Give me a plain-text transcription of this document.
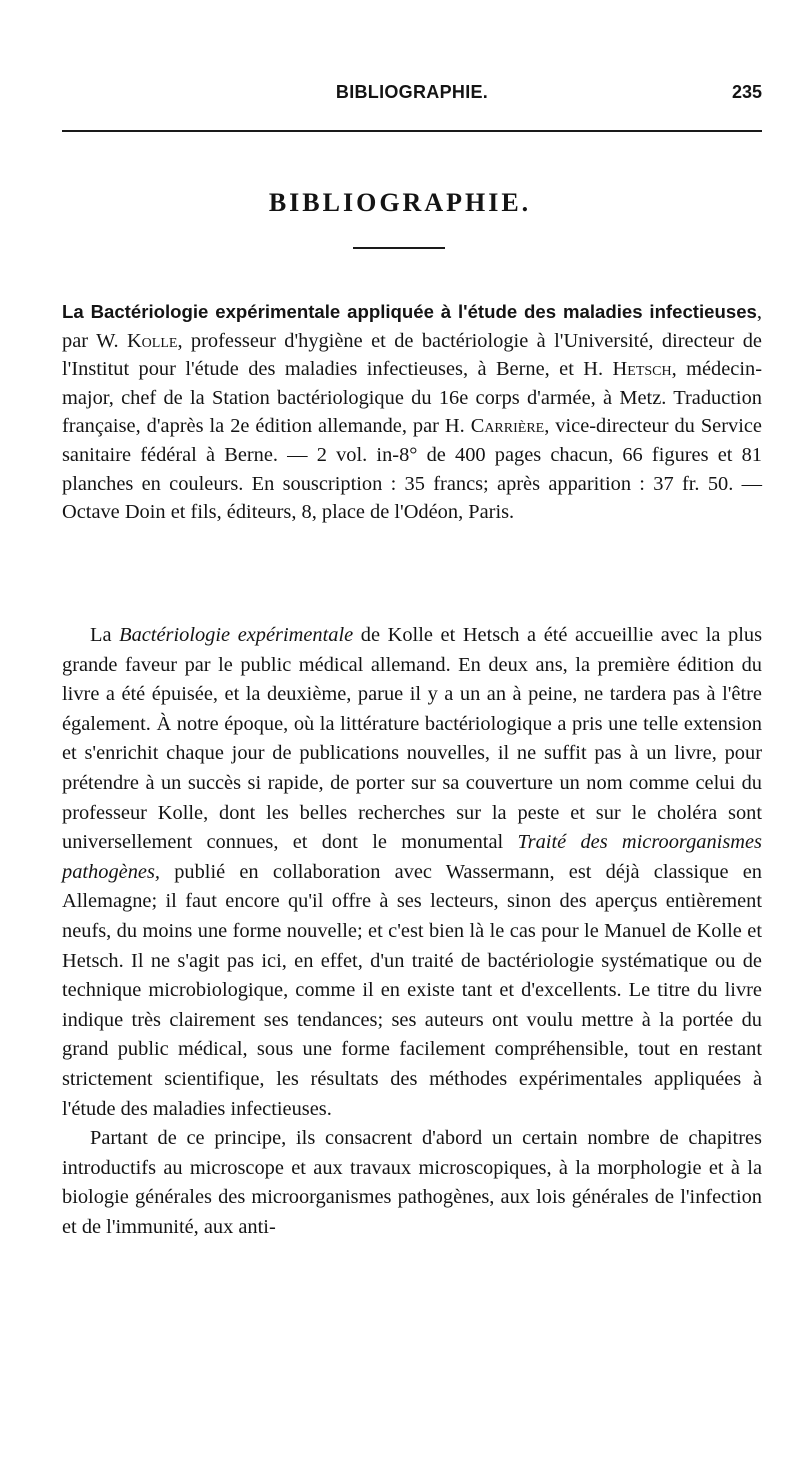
BIBLIOGRAPHIE.	235
BIBLIOGRAPHIE.

La Bactériologie expérimentale appliquée à l'étude des maladies infectieuses, par W. Kolle, professeur d'hygiène et de bactériologie à l'Université, directeur de l'Institut pour l'étude des maladies infectieuses, à Berne, et H. Hetsch, médecin-major, chef de la Station bactériologique du 16e corps d'armée, à Metz. Traduction française, d'après la 2e édition allemande, par H. Carrière, vice-directeur du Service sanitaire fédéral à Berne. — 2 vol. in-8° de 400 pages chacun, 66 figures et 81 planches en couleurs. En souscription : 35 francs; après apparition : 37 fr. 50. — Octave Doin et fils, éditeurs, 8, place de l'Odéon, Paris.

La Bactériologie expérimentale de Kolle et Hetsch a été accueillie avec la plus grande faveur par le public médical allemand. En deux ans, la première édition du livre a été épuisée, et la deuxième, parue il y a un an à peine, ne tardera pas à l'être également. À notre époque, où la littérature bactériologique a pris une telle extension et s'enrichit chaque jour de publications nouvelles, il ne suffit pas à un livre, pour prétendre à un succès si rapide, de porter sur sa couverture un nom comme celui du professeur Kolle, dont les belles recherches sur la peste et sur le choléra sont universellement connues, et dont le monumental Traité des microorganismes pathogènes, publié en collaboration avec Wassermann, est déjà classique en Allemagne; il faut encore qu'il offre à ses lecteurs, sinon des aperçus entièrement neufs, du moins une forme nouvelle; et c'est bien là le cas pour le Manuel de Kolle et Hetsch. Il ne s'agit pas ici, en effet, d'un traité de bactériologie systématique ou de technique microbiologique, comme il en existe tant et d'excellents. Le titre du livre indique très clairement ses tendances; ses auteurs ont voulu mettre à la portée du grand public médical, sous une forme facilement compréhensible, tout en restant strictement scientifique, les résultats des méthodes expérimentales appliquées à l'étude des maladies infectieuses.

Partant de ce principe, ils consacrent d'abord un certain nombre de chapitres introductifs au microscope et aux travaux microscopiques, à la morphologie et à la biologie générales des microorganismes pathogènes, aux lois générales de l'infection et de l'immunité, aux anti-
